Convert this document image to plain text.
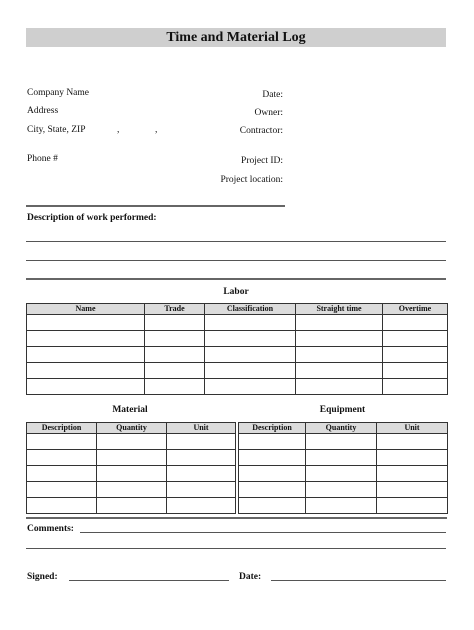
Time and Material Log
Company Name
Address
City, State, ZIP	,	,
Phone #
Date:
Owner:
Contractor:
Project ID:
Project location:
Description of work performed:
Labor
Name	Trade	Classification	Straight time	Overtime

Material	Equipment
Description	Quantity	Unit

			Description	Quantity	Unit

Comments:
Signed:	Date:
